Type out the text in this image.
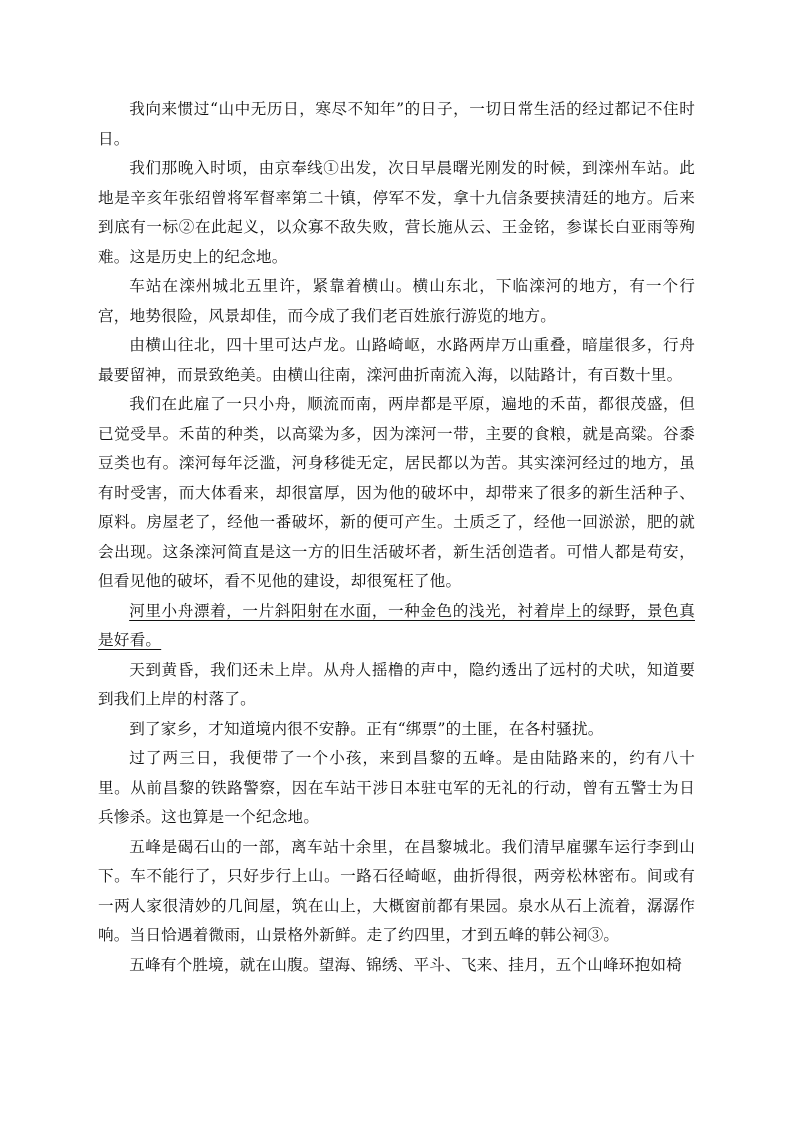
我向来惯过“山中无历日，寒尽不知年”的日子，一切日常生活的经过都记不住时日。

我们那晚入时顷，由京奉线①出发，次日早晨曙光刚发的时候，到滦州车站。此地是辛亥年张绍曾将军督率第二十镇，停军不发，拿十九信条要挟清廷的地方。后来到底有一标②在此起义，以众寡不敌失败，营长施从云、王金铭，参谋长白亚雨等殉难。这是历史上的纪念地。

车站在滦州城北五里许，紧靠着横山。横山东北，下临滦河的地方，有一个行宫，地势很险，风景却佳，而今成了我们老百姓旅行游览的地方。

由横山往北，四十里可达卢龙。山路崎岖，水路两岸万山重叠，暗崖很多，行舟最要留神，而景致绝美。由横山往南，滦河曲折南流入海，以陆路计，有百数十里。

我们在此雇了一只小舟，顺流而南，两岸都是平原，遍地的禾苗，都很茂盛，但已觉受旱。禾苗的种类，以高粱为多，因为滦河一带，主要的食粮，就是高粱。谷黍豆类也有。滦河每年泛滥，河身移徙无定，居民都以为苦。其实滦河经过的地方，虽有时受害，而大体看来，却很富厚，因为他的破坏中，却带来了很多的新生活种子、原料。房屋老了，经他一番破坏，新的便可产生。土质乏了，经他一回淤淤，肥的就会出现。这条滦河简直是这一方的旧生活破坏者，新生活创造者。可惜人都是苟安，但看见他的破坏，看不见他的建设，却很冤枉了他。

河里小舟漂着，一片斜阳射在水面，一种金色的浅光，衬着岸上的绿野，景色真是好看。

天到黄昏，我们还未上岸。从舟人摇橹的声中，隐约透出了远村的犬吠，知道要到我们上岸的村落了。

到了家乡，才知道境内很不安静。正有“绑票”的土匪，在各村骚扰。

过了两三日，我便带了一个小孩，来到昌黎的五峰。是由陆路来的，约有八十里。从前昌黎的铁路警察，因在车站干涉日本驻屯军的无礼的行动，曾有五警士为日兵惨杀。这也算是一个纪念地。

五峰是碣石山的一部，离车站十余里，在昌黎城北。我们清早雇骡车运行李到山下。车不能行了，只好步行上山。一路石径崎岖，曲折得很，两旁松林密布。间或有一两人家很清妙的几间屋，筑在山上，大概窗前都有果园。泉水从石上流着，潺潺作响。当日恰遇着微雨，山景格外新鲜。走了约四里，才到五峰的韩公祠③。

五峰有个胜境，就在山腹。望海、锦绣、平斗、飞来、挂月，五个山峰环抱如椅
